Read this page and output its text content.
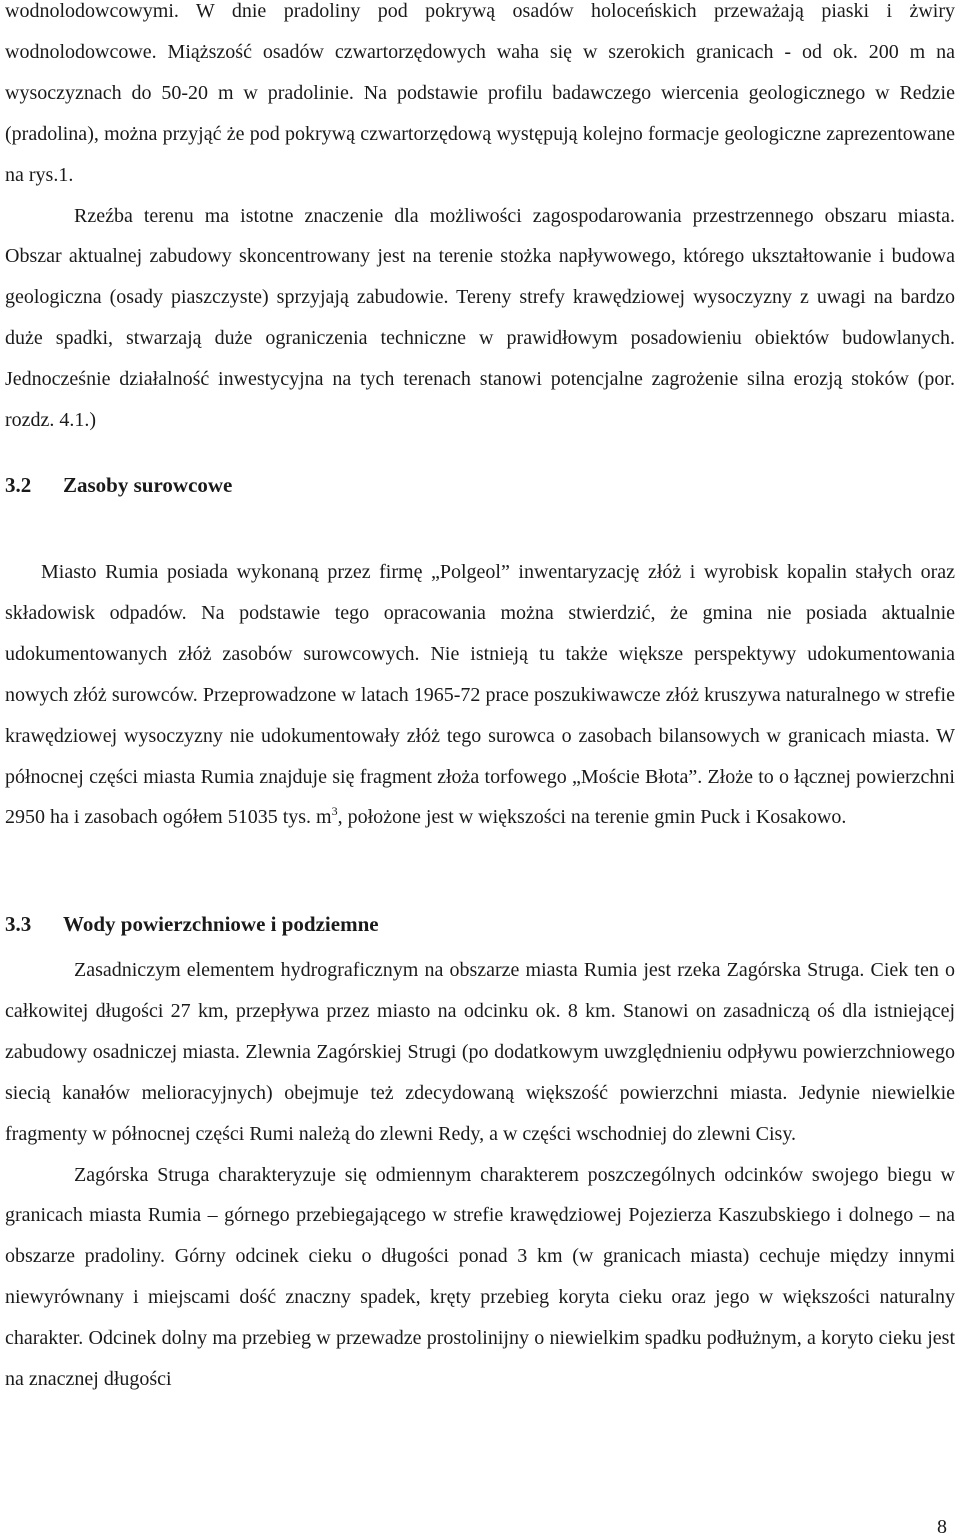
wodnolodowcowymi. W dnie pradoliny pod pokrywą osadów holoceńskich przeważają piaski i żwiry wodnolodowcowe. Miąższość osadów czwartorzędowych waha się w szerokich granicach - od ok. 200 m na wysoczyznach do 50-20 m w pradolinie. Na podstawie profilu badawczego wiercenia geologicznego w Redzie (pradolina), można przyjąć że pod pokrywą czwartorzędową występują kolejno formacje geologiczne zaprezentowane na rys.1.

Rzeźba terenu ma istotne znaczenie dla możliwości zagospodarowania przestrzennego obszaru miasta. Obszar aktualnej zabudowy skoncentrowany jest na terenie stożka napływowego, którego ukształtowanie i budowa geologiczna (osady piaszczyste) sprzyjają zabudowie. Tereny strefy krawędziowej wysoczyzny z uwagi na bardzo duże spadki, stwarzają duże ograniczenia techniczne w prawidłowym posadowieniu obiektów budowlanych. Jednocześnie działalność inwestycyjna na tych terenach stanowi potencjalne zagrożenie silna erozją stoków (por. rozdz. 4.1.)

3.2 Zasoby surowcowe

Miasto Rumia posiada wykonaną przez firmę „Polgeol” inwentaryzację złóż i wyrobisk kopalin stałych oraz składowisk odpadów. Na podstawie tego opracowania można stwierdzić, że gmina nie posiada aktualnie udokumentowanych złóż zasobów surowcowych. Nie istnieją tu także większe perspektywy udokumentowania nowych złóż surowców. Przeprowadzone w latach 1965-72 prace poszukiwawcze złóż kruszywa naturalnego w strefie krawędziowej wysoczyzny nie udokumentowały złóż tego surowca o zasobach bilansowych w granicach miasta. W północnej części miasta Rumia znajduje się fragment złoża torfowego „Moście Błota”. Złoże to o łącznej powierzchni 2950 ha i zasobach ogółem 51035 tys. $m^3$, położone jest w większości na terenie gmin Puck i Kosakowo.

3.3 Wody powierzchniowe i podziemne

Zasadniczym elementem hydrograficznym na obszarze miasta Rumia jest rzeka Zagórska Struga. Ciek ten o całkowitej długości 27 km, przepływa przez miasto na odcinku ok. 8 km. Stanowi on zasadniczą oś dla istniejącej zabudowy osadniczej miasta. Zlewnia Zagórskiej Strugi (po dodatkowym uwzględnieniu odpływu powierzchniowego siecią kanałów melioracyjnych) obejmuje też zdecydowaną większość powierzchni miasta. Jedynie niewielkie fragmenty w północnej części Rumi należą do zlewni Redy, a w części wschodniej do zlewni Cisy.

Zagórska Struga charakteryzuje się odmiennym charakterem poszczególnych odcinków swojego biegu w granicach miasta Rumia – górnego przebiegającego w strefie krawędziowej Pojezierza Kaszubskiego i dolnego – na obszarze pradoliny. Górny odcinek cieku o długości ponad 3 km (w granicach miasta) cechuje między innymi niewyrównany i miejscami dość znaczny spadek, kręty przebieg koryta cieku oraz jego w większości naturalny charakter. Odcinek dolny ma przebieg w przewadze prostolinijny o niewielkim spadku podłużnym, a koryto cieku jest na znacznej długości

8
